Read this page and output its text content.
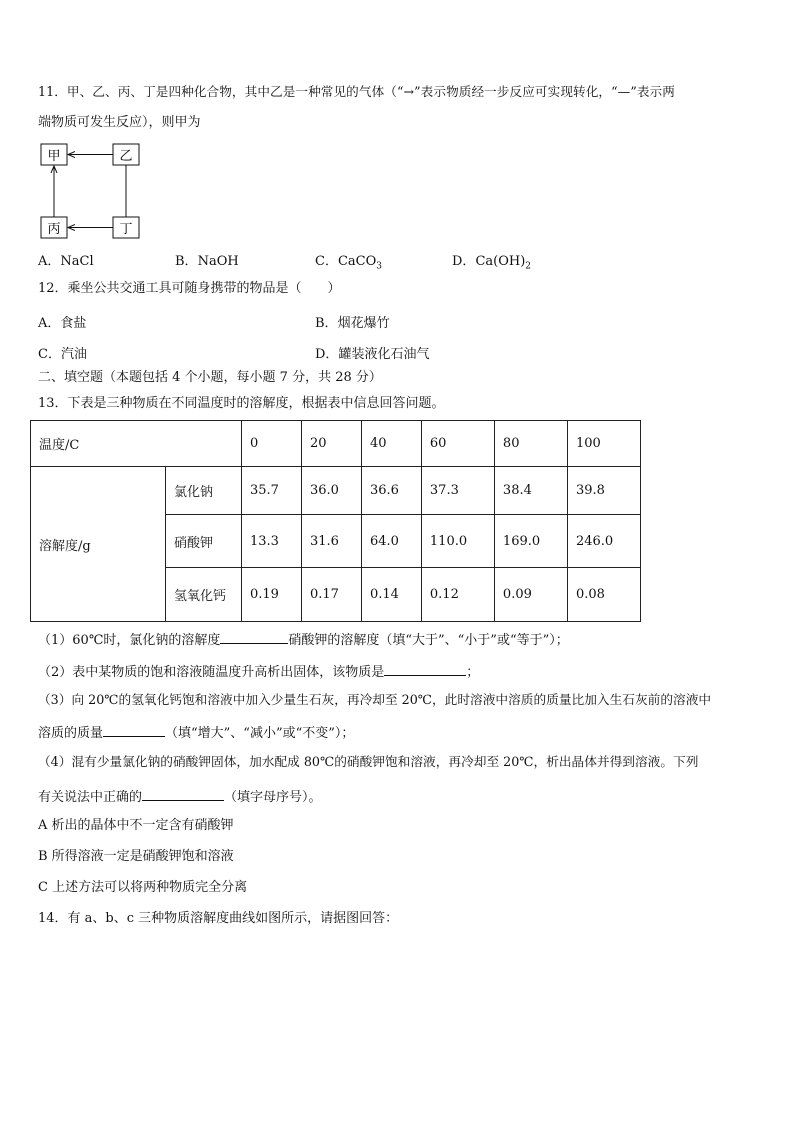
11．甲、乙、丙、丁是四种化合物，其中乙是一种常见的气体（“→”表示物质经一步反应可实现转化，“—”表示两
端物质可发生反应），则甲为
甲	乙
丙	丁
A．NaCl	B．NaOH	C．CaCO$_3$	D．$Ca(OH)_2$
12．乘坐公共交通工具可随身携带的物品是（　　）
A．食盐	B．烟花爆竹
C．汽油	D．罐装液化石油气
二、填空题（本题包括 4 个小题，每小题 7 分，共 28 分）
13．下表是三种物质在不同温度时的溶解度，根据表中信息回答问题。
温度/C		0	20	40	60	80	100
溶解度/g	氯化钠	35.7	36.0	36.6	37.3	38.4	39.8
	硝酸钾	13.3	31.6	64.0	110.0	169.0	246.0
	氢氧化钙	0.19	0.17	0.14	0.12	0.09	0.08
（1）60℃时，氯化钠的溶解度	硝酸钾的溶解度（填“大于”、“小于”或“等于”）；
（2）表中某物质的饱和溶液随温度升高析出固体，该物质是	；
（3）向 20℃的氢氧化钙饱和溶液中加入少量生石灰，再冷却至 20℃，此时溶液中溶质的质量比加入生石灰前的溶液中
溶质的质量	（填“增大”、“减小”或“不变”）；
（4）混有少量氯化钠的硝酸钾固体，加水配成 80℃的硝酸钾饱和溶液，再冷却至 20℃，析出晶体并得到溶液。下列
有关说法中正确的	（填字母序号）。
A 析出的晶体中不一定含有硝酸钾
B 所得溶液一定是硝酸钾饱和溶液
C 上述方法可以将两种物质完全分离
14．有 a、b、c 三种物质溶解度曲线如图所示，请据图回答：
